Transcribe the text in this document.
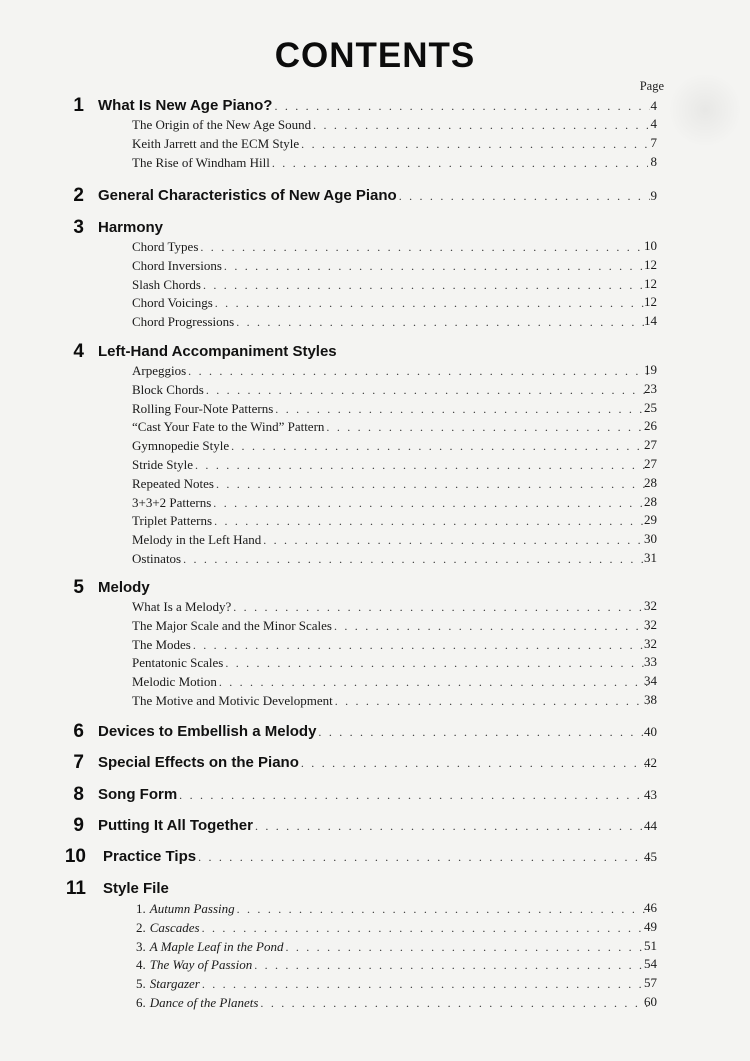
CONTENTS
Page
1 What Is New Age Piano? . . .	4
The Origin of the New Age Sound . . .	4
Keith Jarrett and the ECM Style . . .	7
The Rise of Windham Hill . . .	8
2 General Characteristics of New Age Piano . . .	9
3 Harmony
Chord Types . . .	10
Chord Inversions . . .	12
Slash Chords . . .	12
Chord Voicings . . .	12
Chord Progressions . . .	14
4 Left-Hand Accompaniment Styles
Arpeggios . . .	19
Block Chords . . .	23
Rolling Four-Note Patterns . . .	25
“Cast Your Fate to the Wind” Pattern . . .	26
Gymnopedie Style . . .	27
Stride Style . . .	27
Repeated Notes . . .	28
3+3+2 Patterns . . .	28
Triplet Patterns . . .	29
Melody in the Left Hand . . .	30
Ostinatos . . .	31
5 Melody
What Is a Melody? . . .	32
The Major Scale and the Minor Scales . . .	32
The Modes . . .	32
Pentatonic Scales . . .	33
Melodic Motion . . .	34
The Motive and Motivic Development . . .	38
6 Devices to Embellish a Melody . . .	40
7 Special Effects on the Piano . . .	42
8 Song Form . . .	43
9 Putting It All Together . . .	44
10 Practice Tips . . .	45
11 Style File
1. Autumn Passing . . .	46
2. Cascades . . .	49
3. A Maple Leaf in the Pond . . .	51
4. The Way of Passion . . .	54
5. Stargazer . . .	57
6. Dance of the Planets . . .	60
